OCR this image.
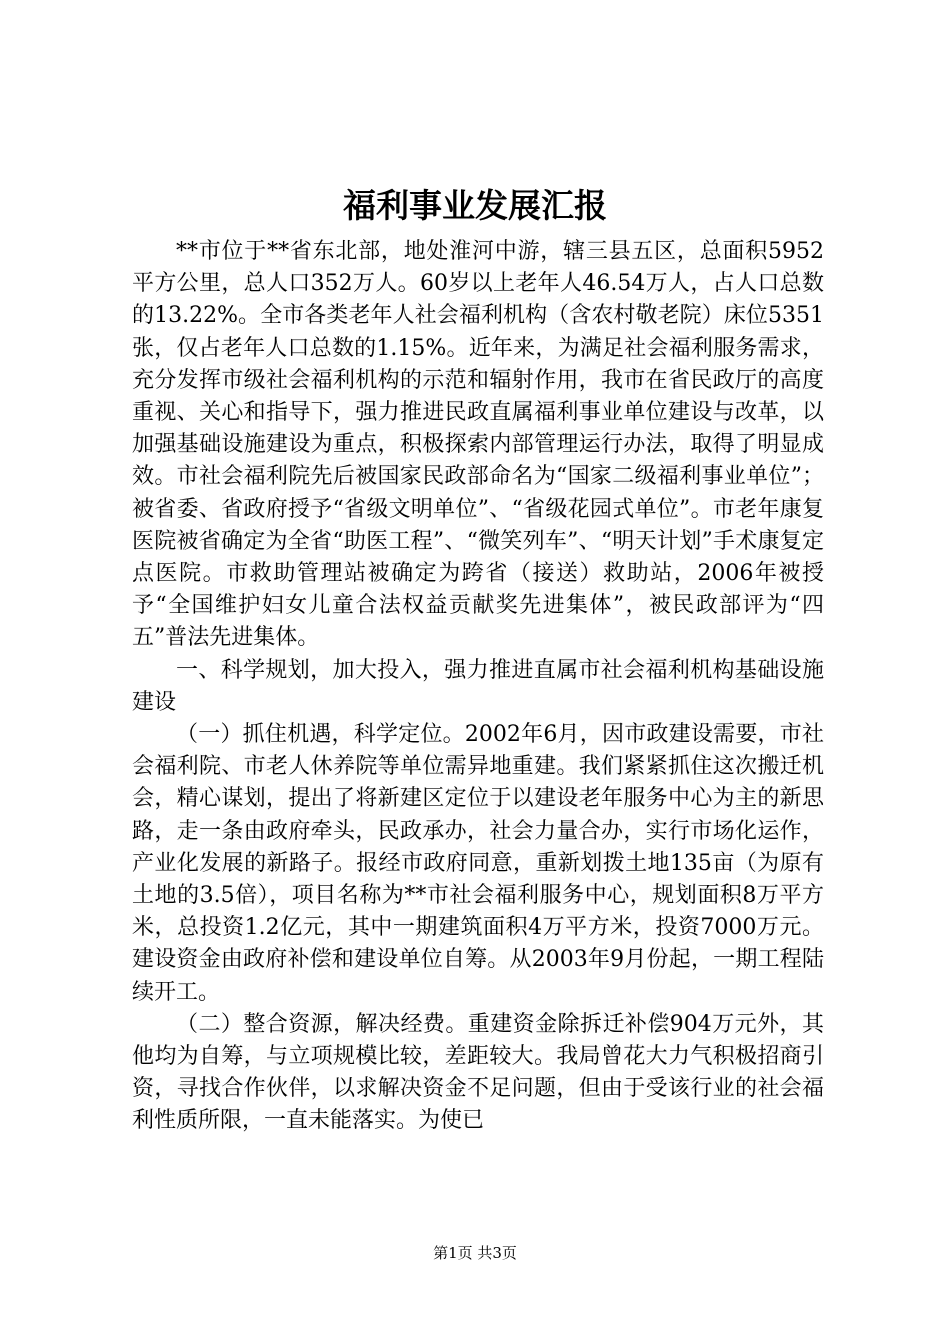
福利事业发展汇报

**市位于**省东北部，地处淮河中游，辖三县五区，总面积5952平方公里，总人口352万人。60岁以上老年人46.54万人，占人口总数的13.22%。全市各类老年人社会福利机构（含农村敬老院）床位5351张，仅占老年人口总数的1.15%。近年来，为满足社会福利服务需求，充分发挥市级社会福利机构的示范和辐射作用，我市在省民政厅的高度重视、关心和指导下，强力推进民政直属福利事业单位建设与改革，以加强基础设施建设为重点，积极探索内部管理运行办法，取得了明显成效。市社会福利院先后被国家民政部命名为“国家二级福利事业单位”；被省委、省政府授予“省级文明单位”、“省级花园式单位”。市老年康复医院被省确定为全省“助医工程”、“微笑列车”、“明天计划”手术康复定点医院。市救助管理站被确定为跨省（接送）救助站，2006年被授予“全国维护妇女儿童合法权益贡献奖先进集体”，被民政部评为“四五”普法先进集体。

一、科学规划，加大投入，强力推进直属市社会福利机构基础设施建设

（一）抓住机遇，科学定位。2002年6月，因市政建设需要，市社会福利院、市老人休养院等单位需异地重建。我们紧紧抓住这次搬迁机会，精心谋划，提出了将新建区定位于以建设老年服务中心为主的新思路，走一条由政府牵头，民政承办，社会力量合办，实行市场化运作，产业化发展的新路子。报经市政府同意，重新划拨土地135亩（为原有土地的3.5倍），项目名称为**市社会福利服务中心，规划面积8万平方米，总投资1.2亿元，其中一期建筑面积4万平方米，投资7000万元。建设资金由政府补偿和建设单位自筹。从2003年9月份起，一期工程陆续开工。

（二）整合资源，解决经费。重建资金除拆迁补偿904万元外，其他均为自筹，与立项规模比较，差距较大。我局曾花大力气积极招商引资，寻找合作伙伴，以求解决资金不足问题，但由于受该行业的社会福利性质所限，一直未能落实。为使已

第1页 共3页
